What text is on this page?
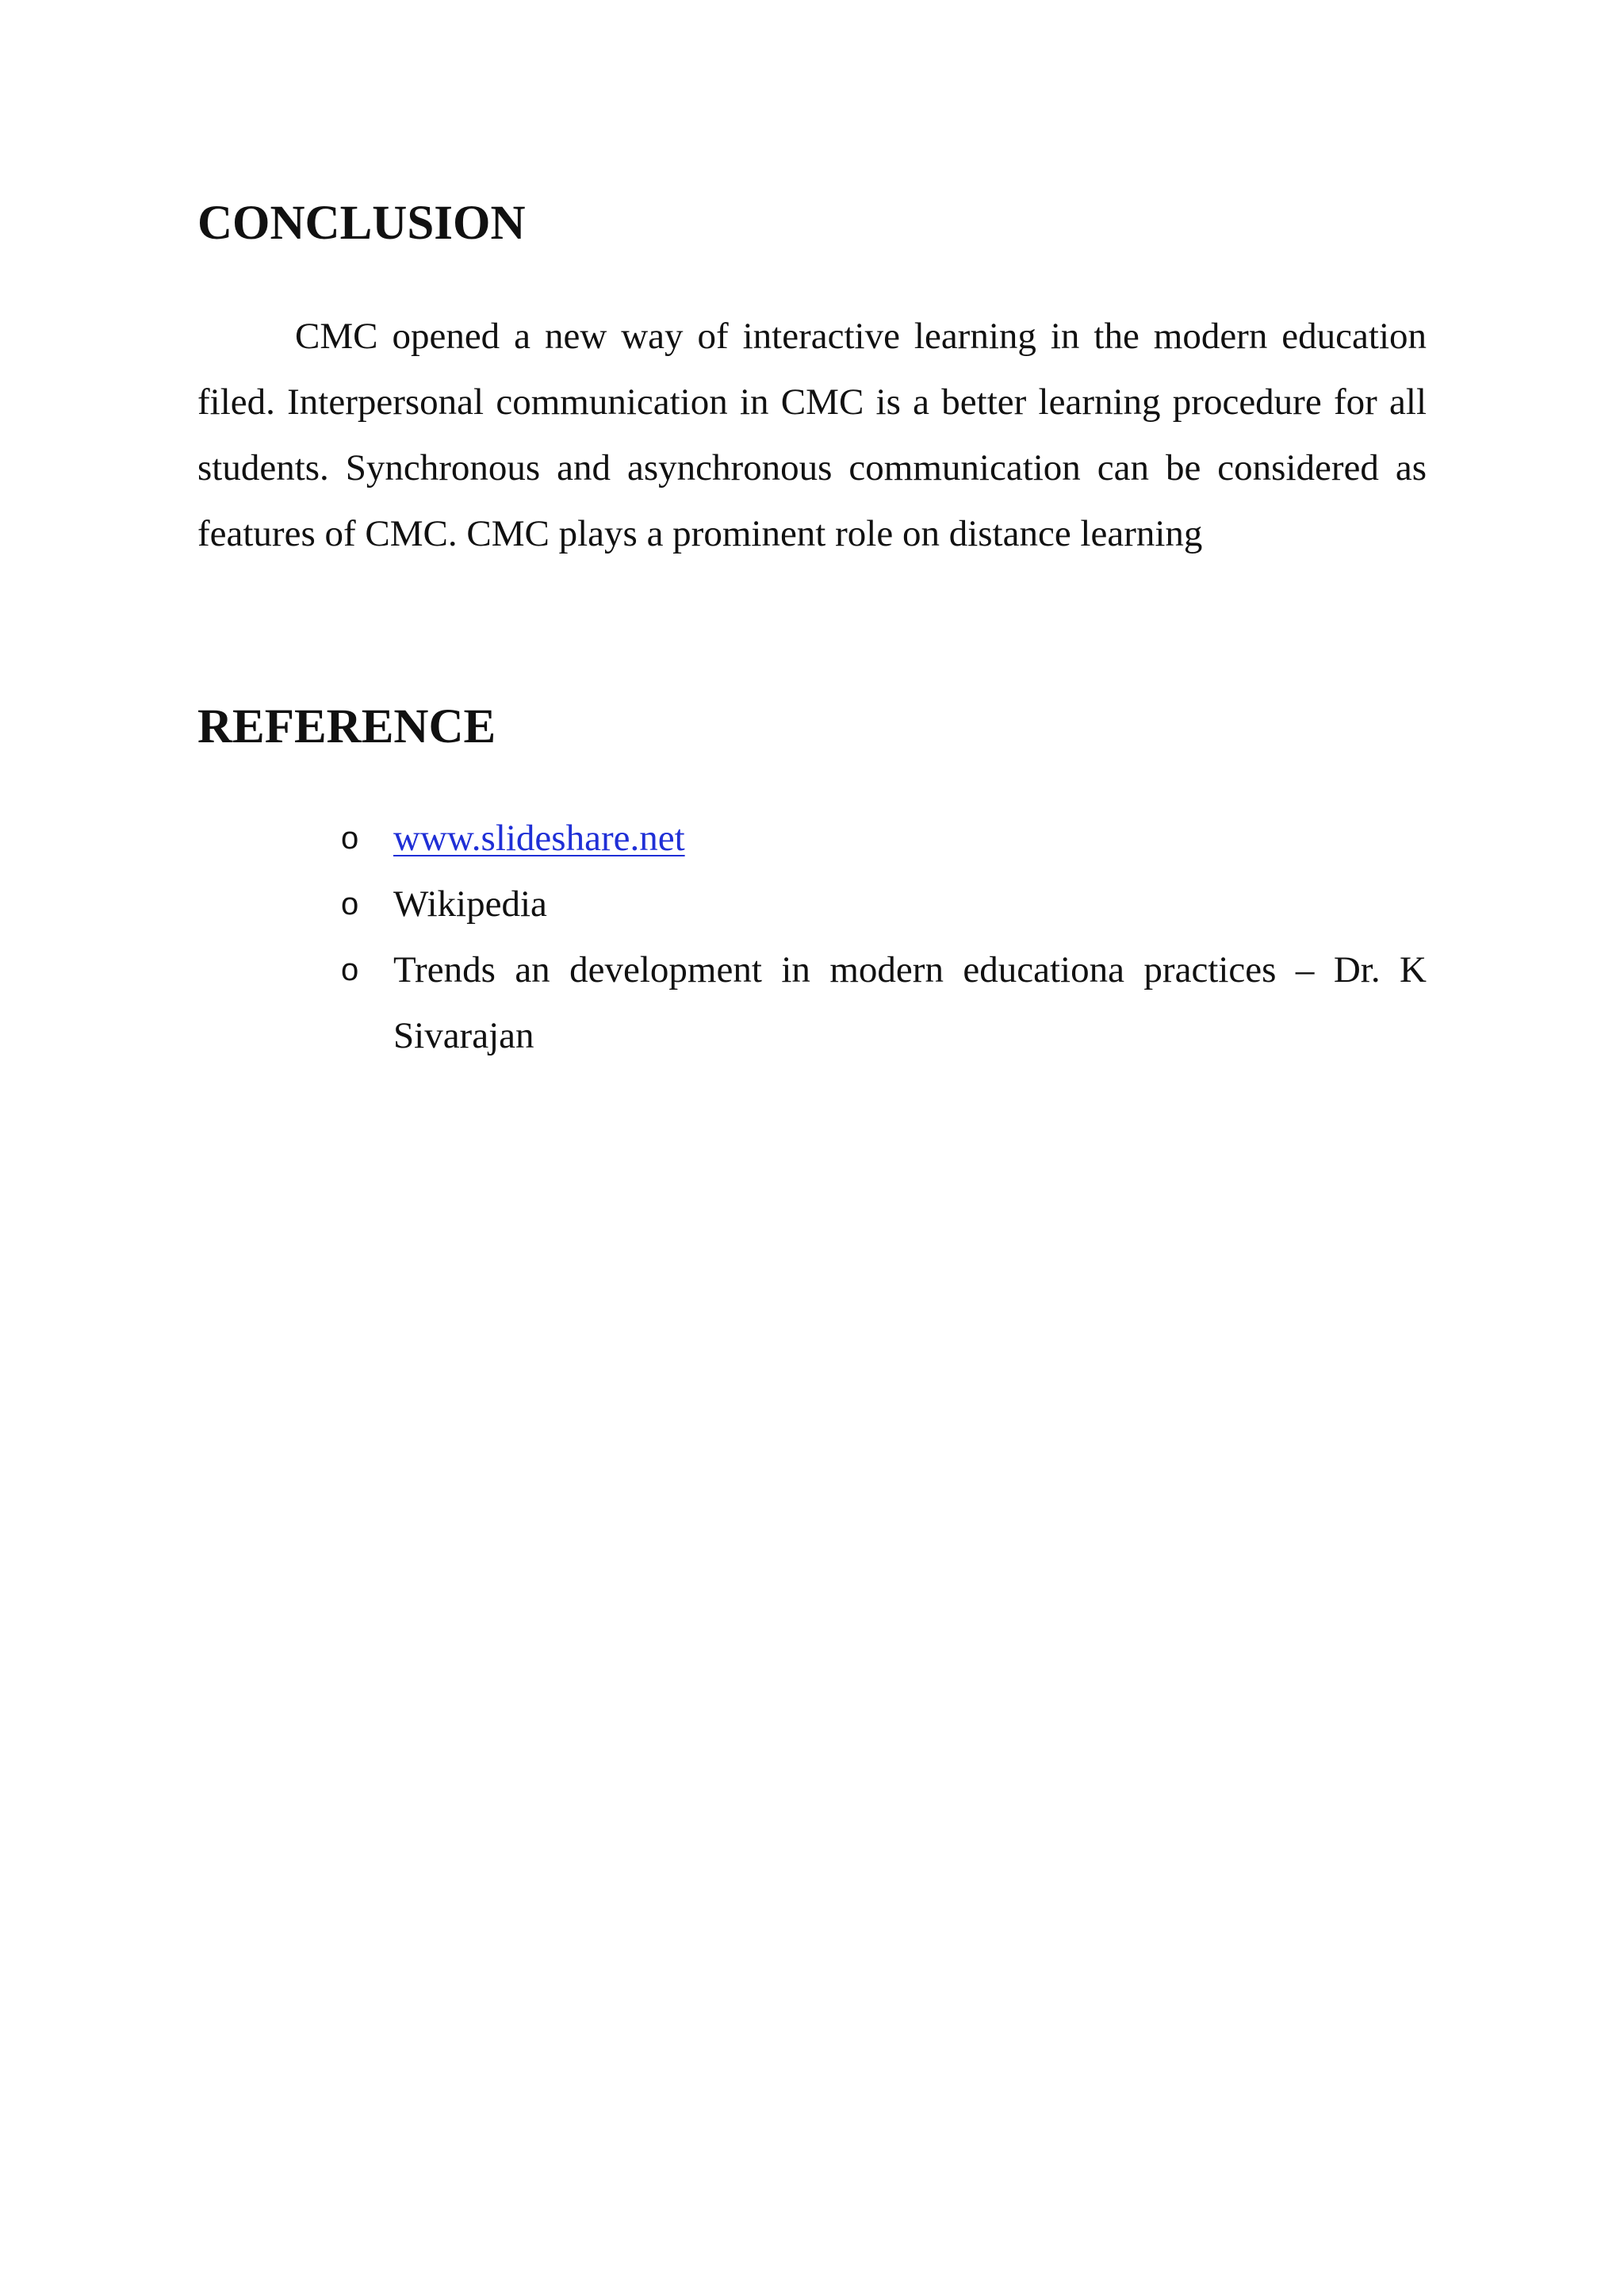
CONCLUSION

CMC opened a new way of interactive learning in the modern education filed. Interpersonal communication in CMC is a better learning procedure for all students. Synchronous and asynchronous communication can be considered as features of CMC. CMC plays a prominent role on distance learning

REFERENCE
o www.slideshare.net
o Wikipedia
o Trends an development in modern educationa practices – Dr. K Sivarajan
